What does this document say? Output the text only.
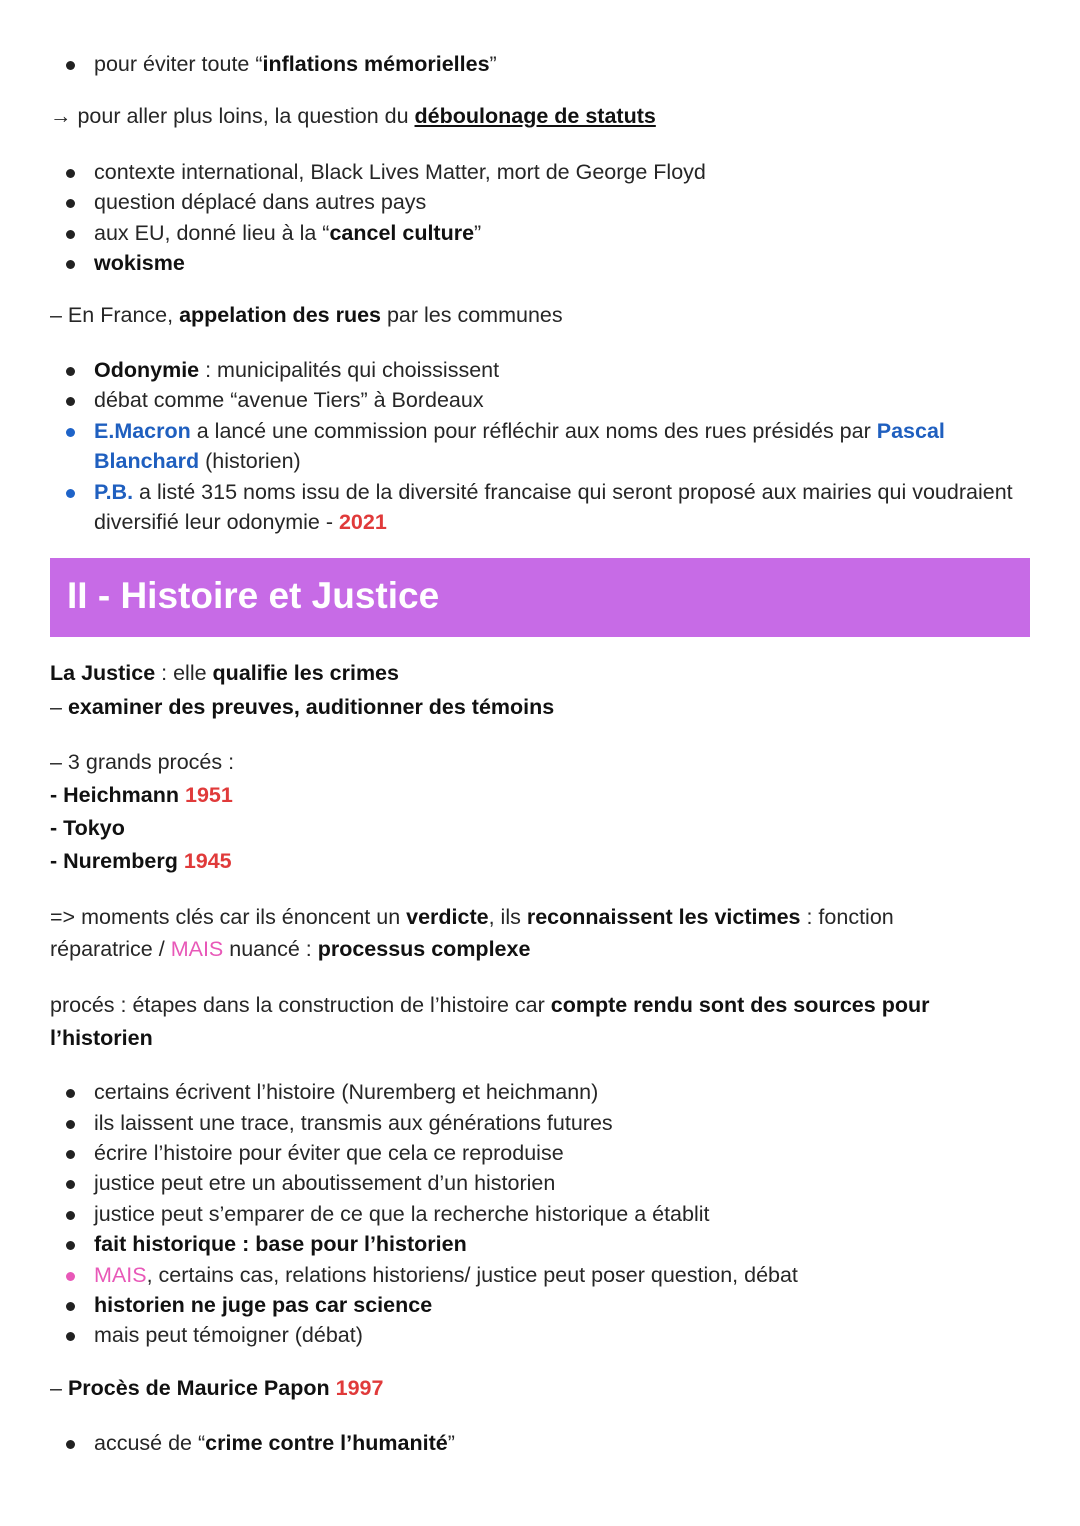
pour éviter toute “inflations mémorielles”
→ pour aller plus loins, la question du déboulonage de statuts
contexte international, Black Lives Matter, mort de George Floyd
question déplacé dans autres pays
aux EU, donné lieu à la “cancel culture”
wokisme
– En France, appelation des rues par les communes
Odonymie : municipalités qui choississent
débat comme “avenue Tiers” à Bordeaux
E.Macron a lancé une commission pour réfléchir aux noms des rues présidés par Pascal Blanchard (historien)
P.B. a listé 315 noms issu de la diversité francaise qui seront proposé aux mairies qui voudraient diversifié leur odonymie - 2021
II - Histoire et Justice
La Justice : elle qualifie les crimes
– examiner des preuves, auditionner des témoins
– 3 grands procés :
- Heichmann 1951
- Tokyo
- Nuremberg 1945
=> moments clés car ils énoncent un verdicte, ils reconnaissent les victimes : fonction
réparatrice / MAIS nuancé : processus complexe
procés : étapes dans la construction de l’histoire car compte rendu sont des sources pour
l’historien
certains écrivent l’histoire (Nuremberg et heichmann)
ils laissent une trace, transmis aux générations futures
écrire l’histoire pour éviter que cela ce reproduise
justice peut etre un aboutissement d’un historien
justice peut s’emparer de ce que la recherche historique a établit
fait historique : base pour l’historien
MAIS, certains cas, relations historiens/ justice peut poser question, débat
historien ne juge pas car science
mais peut témoigner (débat)
– Procès de Maurice Papon 1997
accusé de “crime contre l’humanité”
